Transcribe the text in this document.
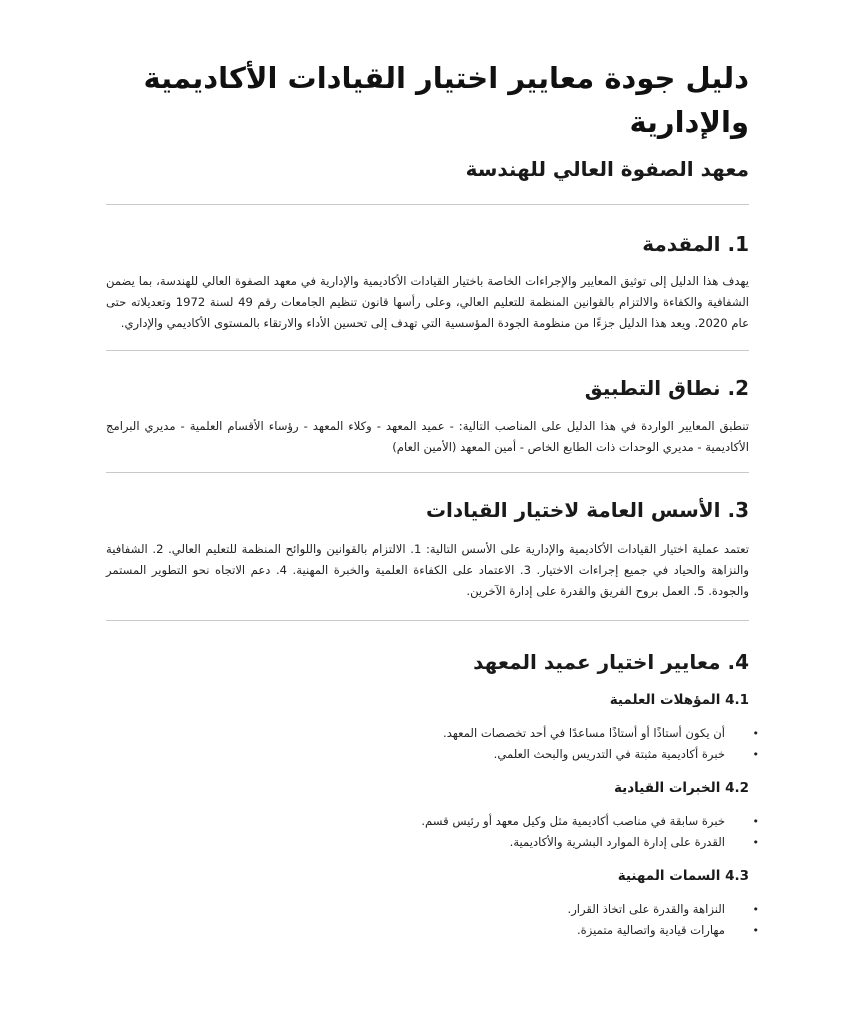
دليل جودة معايير اختيار القيادات الأكاديمية والإدارية
معهد الصفوة العالي للهندسة
1. المقدمة

يهدف هذا الدليل إلى توثيق المعايير والإجراءات الخاصة باختيار القيادات الأكاديمية والإدارية في معهد الصفوة العالي للهندسة، بما يضمن الشفافية والكفاءة والالتزام بالقوانين المنظمة للتعليم العالي، وعلى رأسها قانون تنظيم الجامعات رقم 49 لسنة 1972 وتعديلاته حتى عام 2020. ويعد هذا الدليل جزءًا من منظومة الجودة المؤسسية التي تهدف إلى تحسين الأداء والارتقاء بالمستوى الأكاديمي والإداري.

2. نطاق التطبيق

تنطبق المعايير الواردة في هذا الدليل على المناصب التالية: - عميد المعهد - وكلاء المعهد - رؤساء الأقسام العلمية - مديري البرامج الأكاديمية - مديري الوحدات ذات الطابع الخاص - أمين المعهد (الأمين العام)

3. الأسس العامة لاختيار القيادات

تعتمد عملية اختيار القيادات الأكاديمية والإدارية على الأسس التالية: 1. الالتزام بالقوانين واللوائح المنظمة للتعليم العالي. 2. الشفافية والنزاهة والحياد في جميع إجراءات الاختيار. 3. الاعتماد على الكفاءة العلمية والخبرة المهنية. 4. دعم الاتجاه نحو التطوير المستمر والجودة. 5. العمل بروح الفريق والقدرة على إدارة الآخرين.

4. معايير اختيار عميد المعهد
4.1 المؤهلات العلمية
•
أن يكون أستاذًا أو أستاذًا مساعدًا في أحد تخصصات المعهد.
•
خبرة أكاديمية مثبتة في التدريس والبحث العلمي.
4.2 الخبرات القيادية
•
خبرة سابقة في مناصب أكاديمية مثل وكيل معهد أو رئيس قسم.
•
القدرة على إدارة الموارد البشرية والأكاديمية.
4.3 السمات المهنية
•
النزاهة والقدرة على اتخاذ القرار.
•
مهارات قيادية واتصالية متميزة.
